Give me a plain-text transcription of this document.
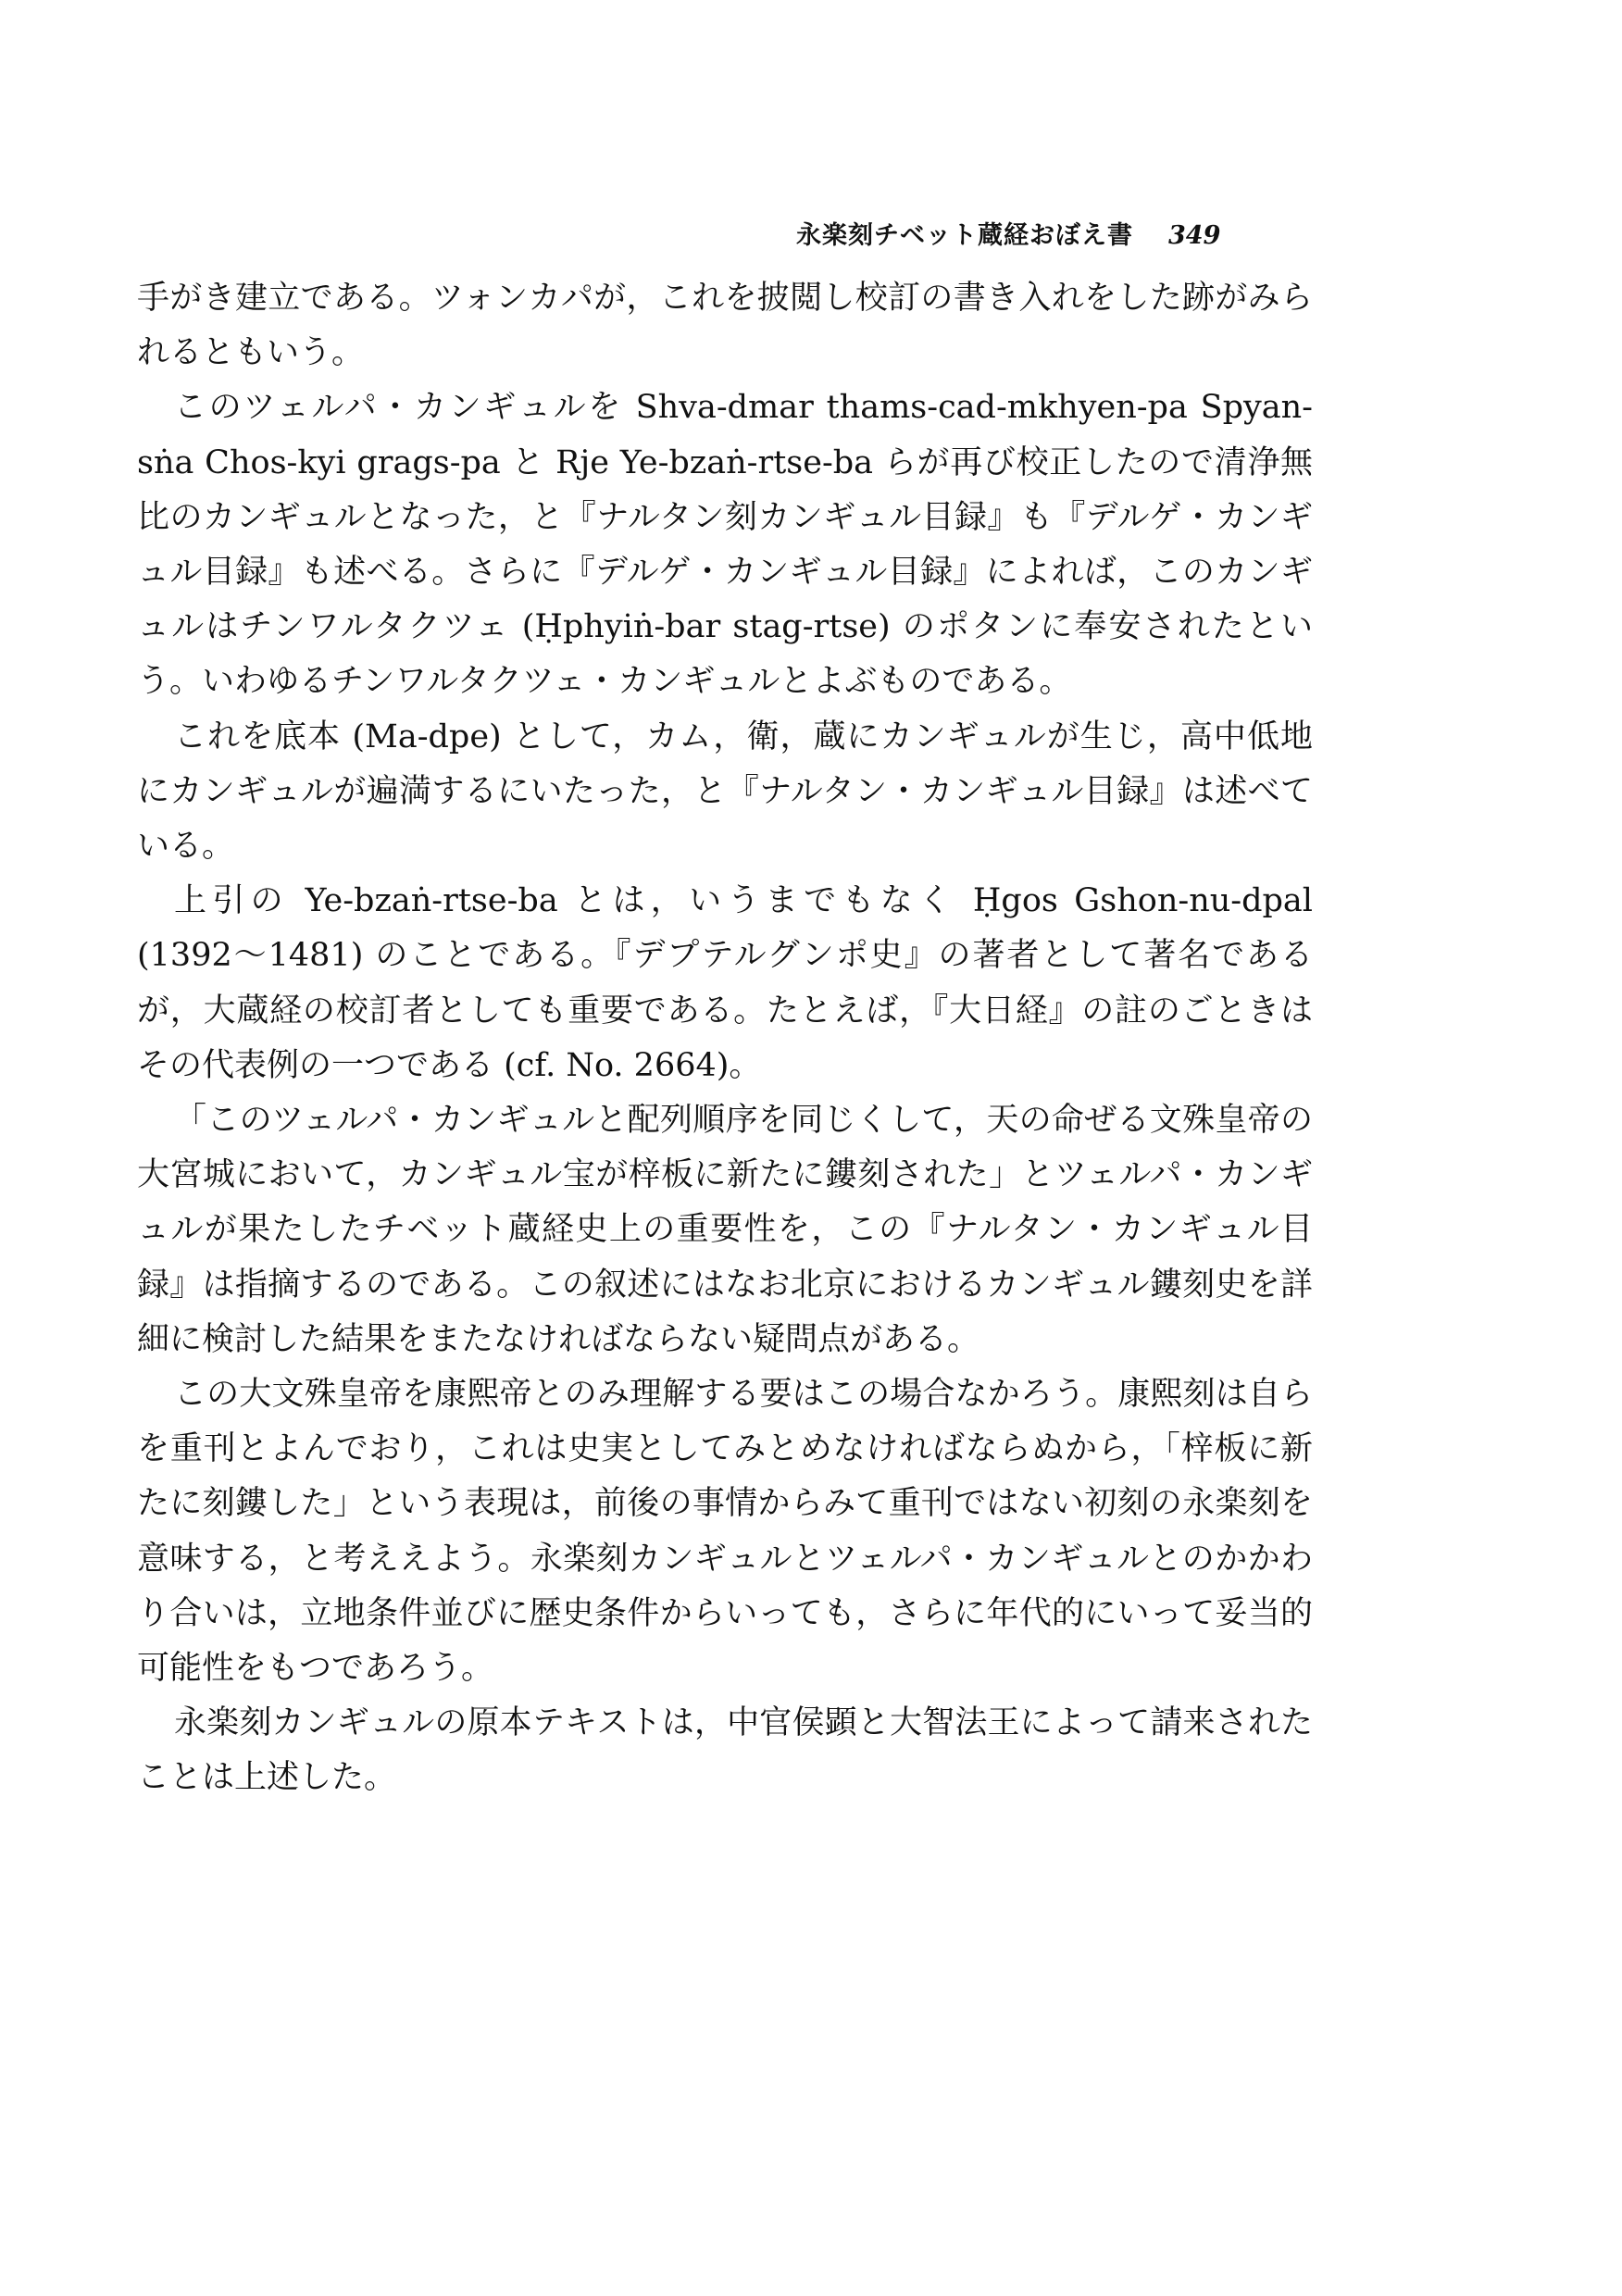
永楽刻チベット蔵経おぼえ書 349

手がき建立である。ツォンカパが，これを披閲し校訂の書き入れをした跡がみられるともいう。

このツェルパ・カンギュルを Shva-dmar thams-cad-mkhyen-pa Spyan-sṅa Chos-kyi grags-pa と Rje Ye-bzaṅ-rtse-ba らが再び校正したので清浄無比のカンギュルとなった，と『ナルタン刻カンギュル目録』も『デルゲ・カンギュル目録』も述べる。さらに『デルゲ・カンギュル目録』によれば，このカンギュルはチンワルタクツェ (Ḥphyiṅ-bar stag-rtse) のポタンに奉安されたという。いわゆるチンワルタクツェ・カンギュルとよぶものである。

これを底本 (Ma-dpe) として，カム，衛，蔵にカンギュルが生じ，高中低地にカンギュルが遍満するにいたった，と『ナルタン・カンギュル目録』は述べている。

上引の Ye-bzaṅ-rtse-ba とは，いうまでもなく Ḥgos Gshon-nu-dpal (1392～1481) のことである。『デプテルグンポ史』の著者として著名であるが，大蔵経の校訂者としても重要である。たとえば，『大日経』の註のごときはその代表例の一つである (cf. No. 2664)。

「このツェルパ・カンギュルと配列順序を同じくして，天の命ぜる文殊皇帝の大宮城において，カンギュル宝が梓板に新たに鏤刻された」とツェルパ・カンギュルが果たしたチベット蔵経史上の重要性を，この『ナルタン・カンギュル目録』は指摘するのである。この叙述にはなお北京におけるカンギュル鏤刻史を詳細に検討した結果をまたなければならない疑問点がある。

この大文殊皇帝を康熙帝とのみ理解する要はこの場合なかろう。康熙刻は自らを重刊とよんでおり，これは史実としてみとめなければならぬから，「梓板に新たに刻鏤した」という表現は，前後の事情からみて重刊ではない初刻の永楽刻を意味する，と考ええよう。永楽刻カンギュルとツェルパ・カンギュルとのかかわり合いは，立地条件並びに歴史条件からいっても，さらに年代的にいって妥当的可能性をもつであろう。

永楽刻カンギュルの原本テキストは，中官侯顕と大智法王によって請来されたことは上述した。
